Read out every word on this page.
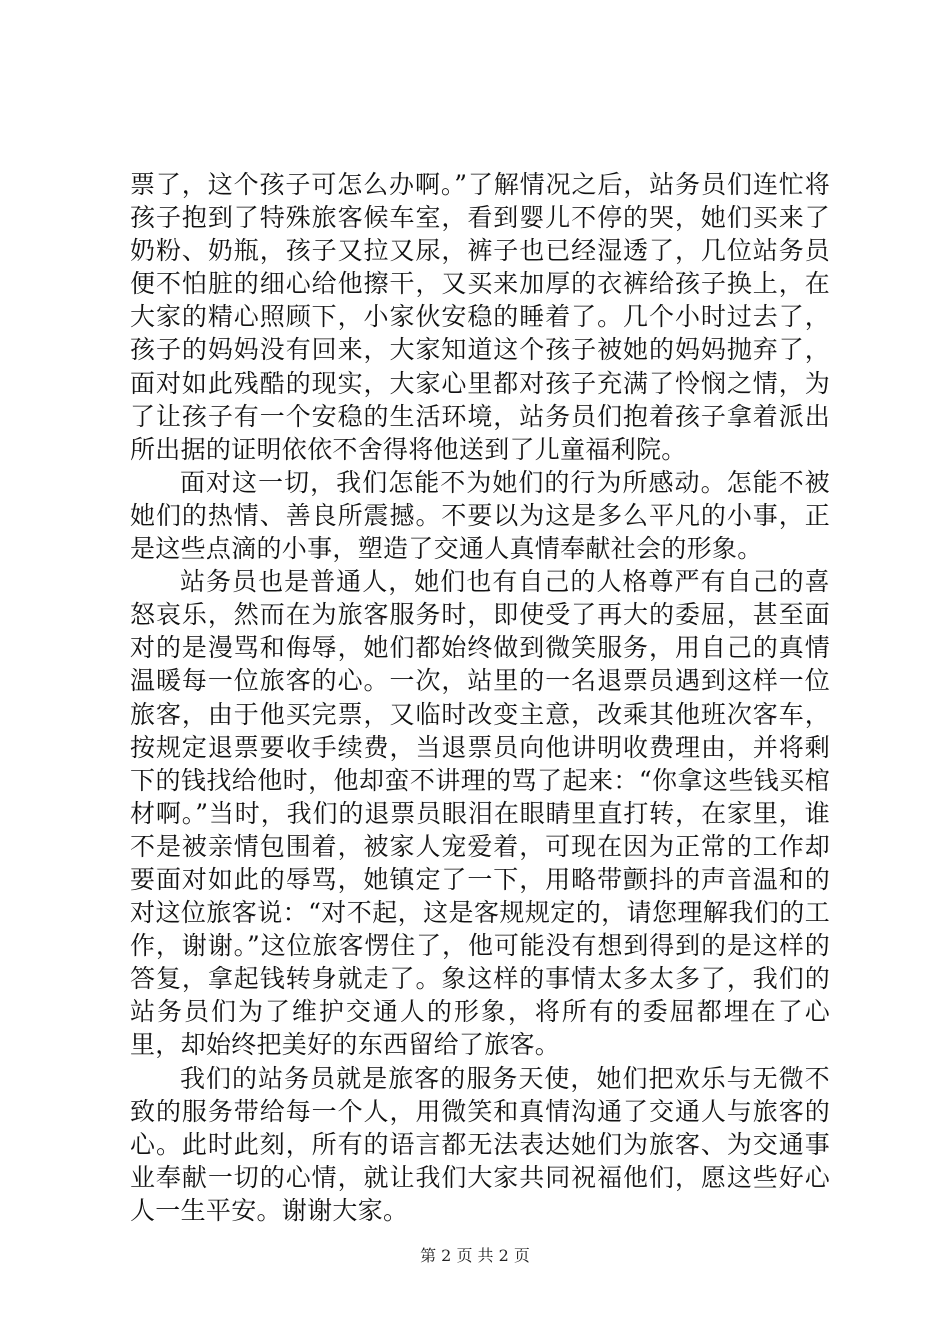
票了，这个孩子可怎么办啊。”了解情况之后，站务员们连忙将孩子抱到了特殊旅客候车室，看到婴儿不停的哭，她们买来了奶粉、奶瓶，孩子又拉又尿，裤子也已经湿透了，几位站务员便不怕脏的细心给他擦干，又买来加厚的衣裤给孩子换上，在大家的精心照顾下，小家伙安稳的睡着了。几个小时过去了，孩子的妈妈没有回来，大家知道这个孩子被她的妈妈抛弃了，面对如此残酷的现实，大家心里都对孩子充满了怜悯之情，为了让孩子有一个安稳的生活环境，站务员们抱着孩子拿着派出所出据的证明依依不舍得将他送到了儿童福利院。

面对这一切，我们怎能不为她们的行为所感动。怎能不被她们的热情、善良所震撼。不要以为这是多么平凡的小事，正是这些点滴的小事，塑造了交通人真情奉献社会的形象。

站务员也是普通人，她们也有自己的人格尊严有自己的喜怒哀乐，然而在为旅客服务时，即使受了再大的委屈，甚至面对的是漫骂和侮辱，她们都始终做到微笑服务，用自己的真情温暖每一位旅客的心。一次，站里的一名退票员遇到这样一位旅客，由于他买完票，又临时改变主意，改乘其他班次客车，按规定退票要收手续费，当退票员向他讲明收费理由，并将剩下的钱找给他时，他却蛮不讲理的骂了起来：“你拿这些钱买棺材啊。”当时，我们的退票员眼泪在眼睛里直打转，在家里，谁不是被亲情包围着，被家人宠爱着，可现在因为正常的工作却要面对如此的辱骂，她镇定了一下，用略带颤抖的声音温和的对这位旅客说：“对不起，这是客规规定的，请您理解我们的工作，谢谢。”这位旅客愣住了，他可能没有想到得到的是这样的答复，拿起钱转身就走了。象这样的事情太多太多了，我们的站务员们为了维护交通人的形象，将所有的委屈都埋在了心里，却始终把美好的东西留给了旅客。

我们的站务员就是旅客的服务天使，她们把欢乐与无微不致的服务带给每一个人，用微笑和真情沟通了交通人与旅客的心。此时此刻，所有的语言都无法表达她们为旅客、为交通事业奉献一切的心情，就让我们大家共同祝福他们，愿这些好心人一生平安。谢谢大家。

第 2 页 共 2 页
